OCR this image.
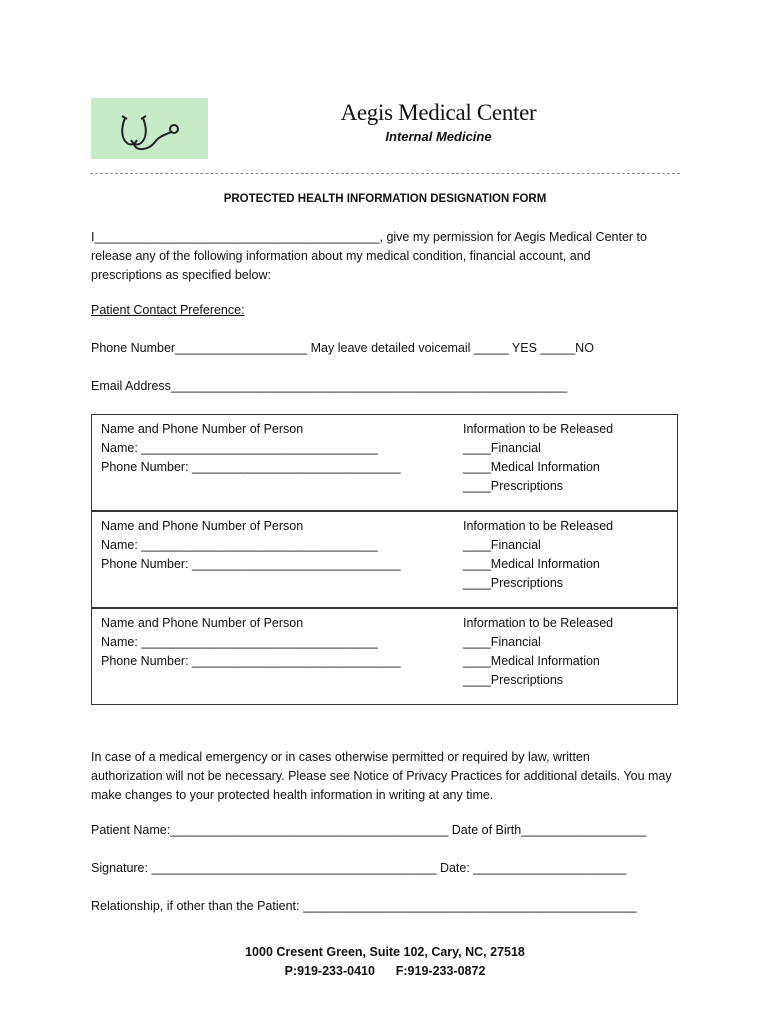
Aegis Medical Center
Internal Medicine
PROTECTED HEALTH INFORMATION DESIGNATION FORM
I_________________________________________, give my permission for Aegis Medical Center to
release any of the following information about my medical condition, financial account, and
prescriptions as specified below:
Patient Contact Preference:
Phone Number___________________ May leave detailed voicemail _____ YES _____NO
Email Address_________________________________________________________
Name and Phone Number of Person
Name: __________________________________
Phone Number: ______________________________
Information to be Released
____Financial
____Medical Information
____Prescriptions
Name and Phone Number of Person
Name: __________________________________
Phone Number: ______________________________
Information to be Released
____Financial
____Medical Information
____Prescriptions
Name and Phone Number of Person
Name: __________________________________
Phone Number: ______________________________
Information to be Released
____Financial
____Medical Information
____Prescriptions
In case of a medical emergency or in cases otherwise permitted or required by law, written
authorization will not be necessary. Please see Notice of Privacy Practices for additional details. You may
make changes to your protected health information in writing at any time.
Patient Name:________________________________________ Date of Birth__________________
Signature: _________________________________________ Date: ______________________
Relationship, if other than the Patient: ________________________________________________
1000 Cresent Green, Suite 102, Cary, NC, 27518
P:919-233-0410      F:919-233-0872
